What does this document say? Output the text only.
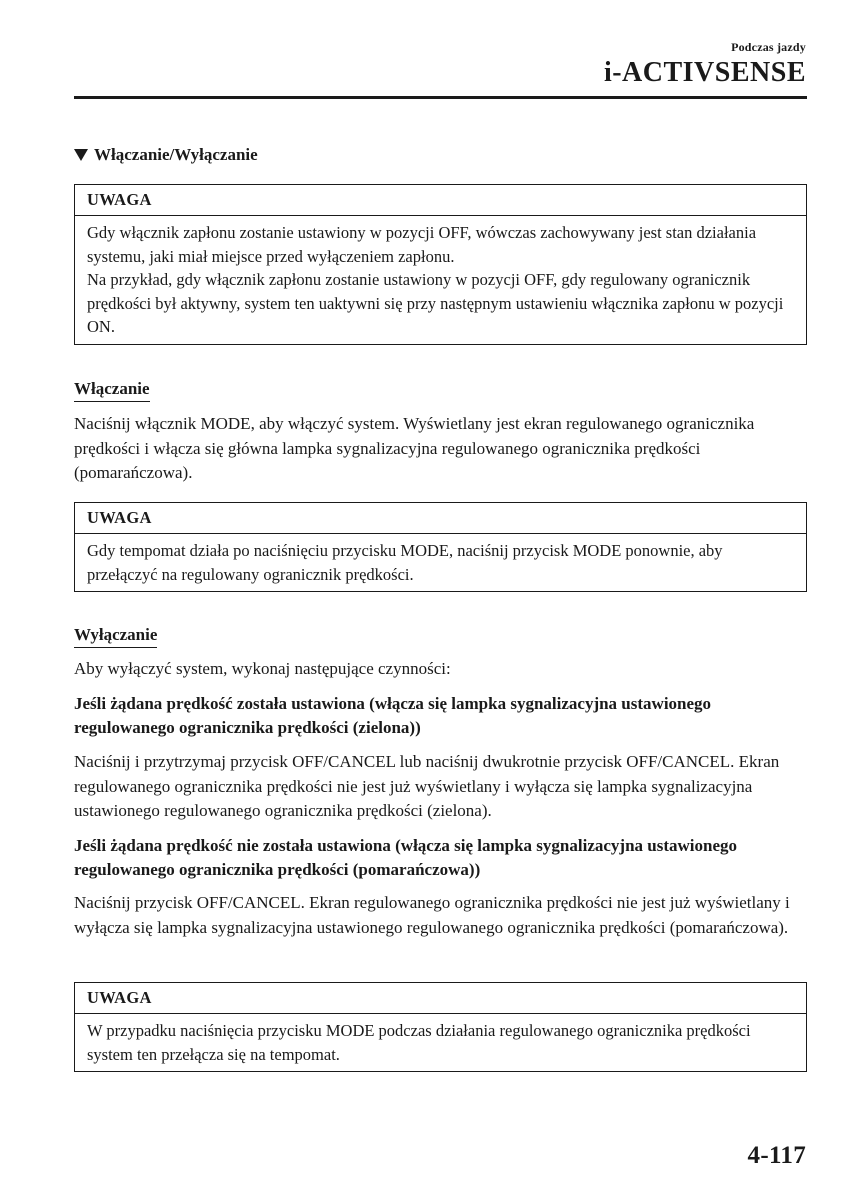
Podczas jazdy
i-ACTIVSENSE
Włączanie/Wyłączanie
UWAGA

Gdy włącznik zapłonu zostanie ustawiony w pozycji OFF, wówczas zachowywany jest stan działania systemu, jaki miał miejsce przed wyłączeniem zapłonu.

Na przykład, gdy włącznik zapłonu zostanie ustawiony w pozycji OFF, gdy regulowany ogranicznik prędkości był aktywny, system ten uaktywni się przy następnym ustawieniu włącznika zapłonu w pozycji ON.

Włączanie

Naciśnij włącznik MODE, aby włączyć system. Wyświetlany jest ekran regulowanego ogranicznika prędkości i włącza się główna lampka sygnalizacyjna regulowanego ogranicznika prędkości (pomarańczowa).

UWAGA

Gdy tempomat działa po naciśnięciu przycisku MODE, naciśnij przycisk MODE ponownie, aby przełączyć na regulowany ogranicznik prędkości.

Wyłączanie

Aby wyłączyć system, wykonaj następujące czynności:

Jeśli żądana prędkość została ustawiona (włącza się lampka sygnalizacyjna ustawionego regulowanego ogranicznika prędkości (zielona))

Naciśnij i przytrzymaj przycisk OFF/CANCEL lub naciśnij dwukrotnie przycisk OFF/CANCEL. Ekran regulowanego ogranicznika prędkości nie jest już wyświetlany i wyłącza się lampka sygnalizacyjna ustawionego regulowanego ogranicznika prędkości (zielona).

Jeśli żądana prędkość nie została ustawiona (włącza się lampka sygnalizacyjna ustawionego regulowanego ogranicznika prędkości (pomarańczowa))

Naciśnij przycisk OFF/CANCEL. Ekran regulowanego ogranicznika prędkości nie jest już wyświetlany i wyłącza się lampka sygnalizacyjna ustawionego regulowanego ogranicznika prędkości (pomarańczowa).

UWAGA

W przypadku naciśnięcia przycisku MODE podczas działania regulowanego ogranicznika prędkości system ten przełącza się na tempomat.

4-117
